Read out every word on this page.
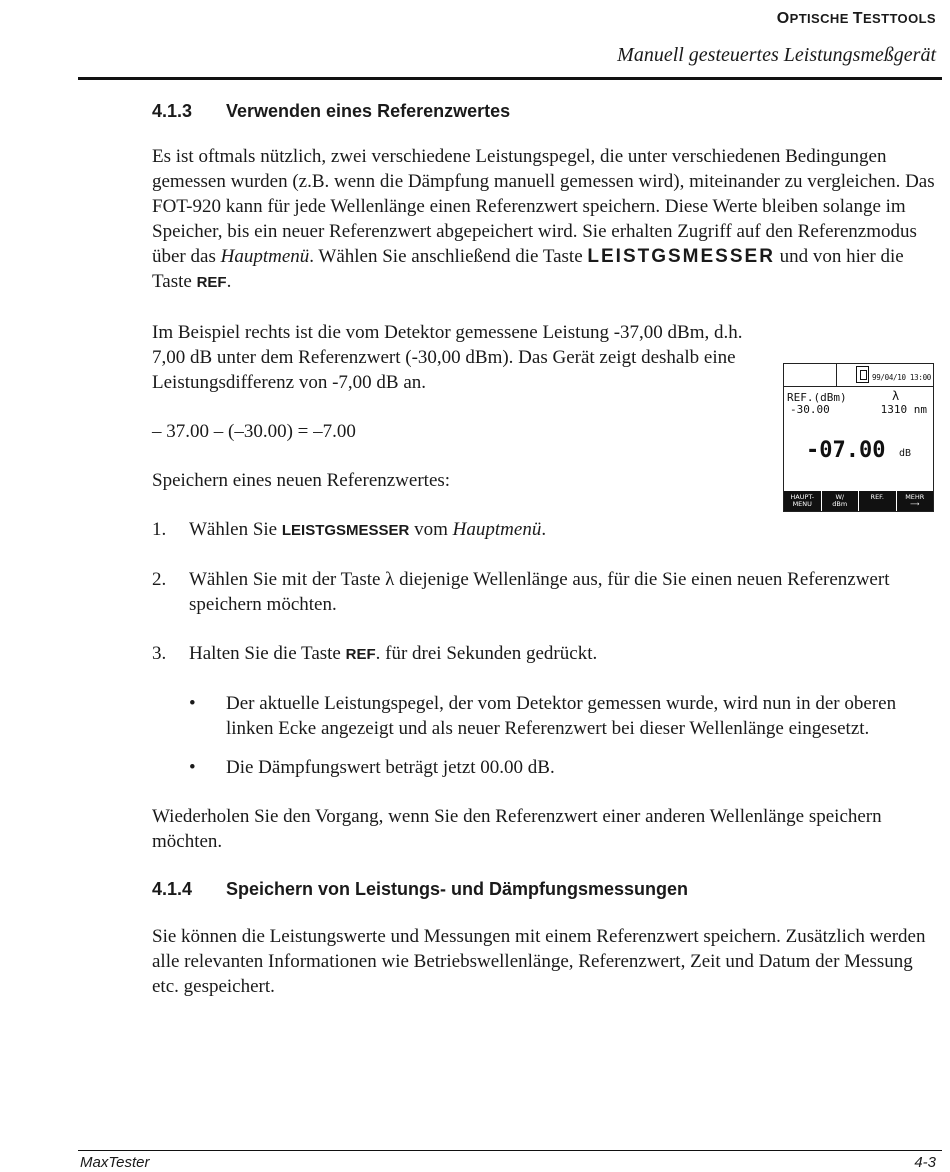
OPTISCHE TESTTOOLS
Manuell gesteuertes Leistungsmeßgerät
4.1.3 Verwenden eines Referenzwertes

Es ist oftmals nützlich, zwei verschiedene Leistungspegel, die unter verschiedenen Bedingungen gemessen wurden (z.B. wenn die Dämpfung manuell gemessen wird), miteinander zu vergleichen. Das FOT-920 kann für jede Wellenlänge einen Referenzwert speichern. Diese Werte bleiben solange im Speicher, bis ein neuer Referenzwert abgepeichert wird. Sie erhalten Zugriff auf den Referenzmodus über das Hauptmenü. Wählen Sie anschließend die Taste LEISTGSMESSER und von hier die Taste REF.

Im Beispiel rechts ist die vom Detektor gemessene Leistung -37,00 dBm, d.h. 7,00 dB unter dem Referenzwert (-30,00 dBm). Das Gerät zeigt deshalb eine Leistungsdifferenz von -7,00 dB an.

– 37.00 – (–30.00) = –7.00

Speichern eines neuen Referenzwertes:

1.	Wählen Sie LEISTGSMESSER vom Hauptmenü.
2.	Wählen Sie mit der Taste λ diejenige Wellenlänge aus, für die Sie einen neuen Referenzwert speichern möchten.
3.	Halten Sie die Taste REF. für drei Sekunden gedrückt.
•	Der aktuelle Leistungspegel, der vom Detektor gemessen wurde, wird nun in der oberen linken Ecke angezeigt und als neuer Referenzwert bei dieser Wellenlänge eingesetzt.
•	Die Dämpfungswert beträgt jetzt 00.00 dB.

Wiederholen Sie den Vorgang, wenn Sie den Referenzwert einer anderen Wellenlänge speichern möchten.

4.1.4 Speichern von Leistungs- und Dämpfungsmessungen

Sie können die Leistungswerte und Messungen mit einem Referenzwert speichern. Zusätzlich werden alle relevanten Informationen wie Betriebswellenlänge, Referenzwert, Zeit und Datum der Messung etc. gespeichert.

99/04/10 13:00
REF.(dBm)	λ
-30.00	1310 nm
-07.00 dB
HAUPT-
MENU
W/
dBm
REF.	MEHR
⟶
MaxTester	4-3
